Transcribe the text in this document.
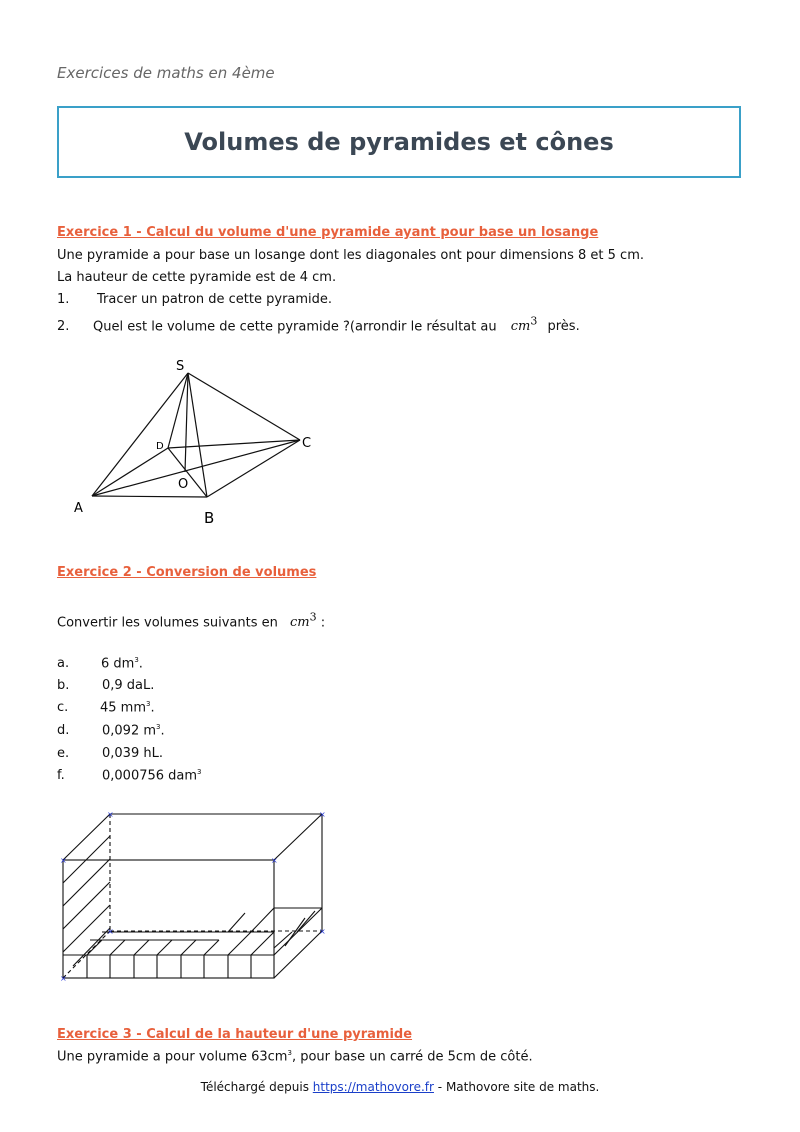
Exercices de maths en 4ème
Volumes de pyramides et cônes
Exercice 1 - Calcul du volume d'une pyramide ayant pour base un losange
Une pyramide a pour base un losange dont les diagonales ont pour dimensions 8 et 5 cm.
La hauteur de cette pyramide est de 4 cm.
1. Tracer un patron de cette pyramide.
2. Quel est le volume de cette pyramide ?(arrondir le résultat au $cm^3$ près.
S
A
B
C
D
O
Exercice 2 - Conversion de volumes
Convertir les volumes suivants en $cm^3$ :
a. 6 $dm^3$.
b.	0,9 daL.
c. 45 $mm^3$.
d.	0,092 $m^3$.
e.	0,039 hL.
f.	0,000756 dam$^3$
×
×
×
×
×
×
×
Exercice 3 - Calcul de la hauteur d'une pyramide
Une pyramide a pour volume $63cm^3$, pour base un carré de 5cm de côté.
Téléchargé depuis https://mathovore.fr - Mathovore site de maths.
